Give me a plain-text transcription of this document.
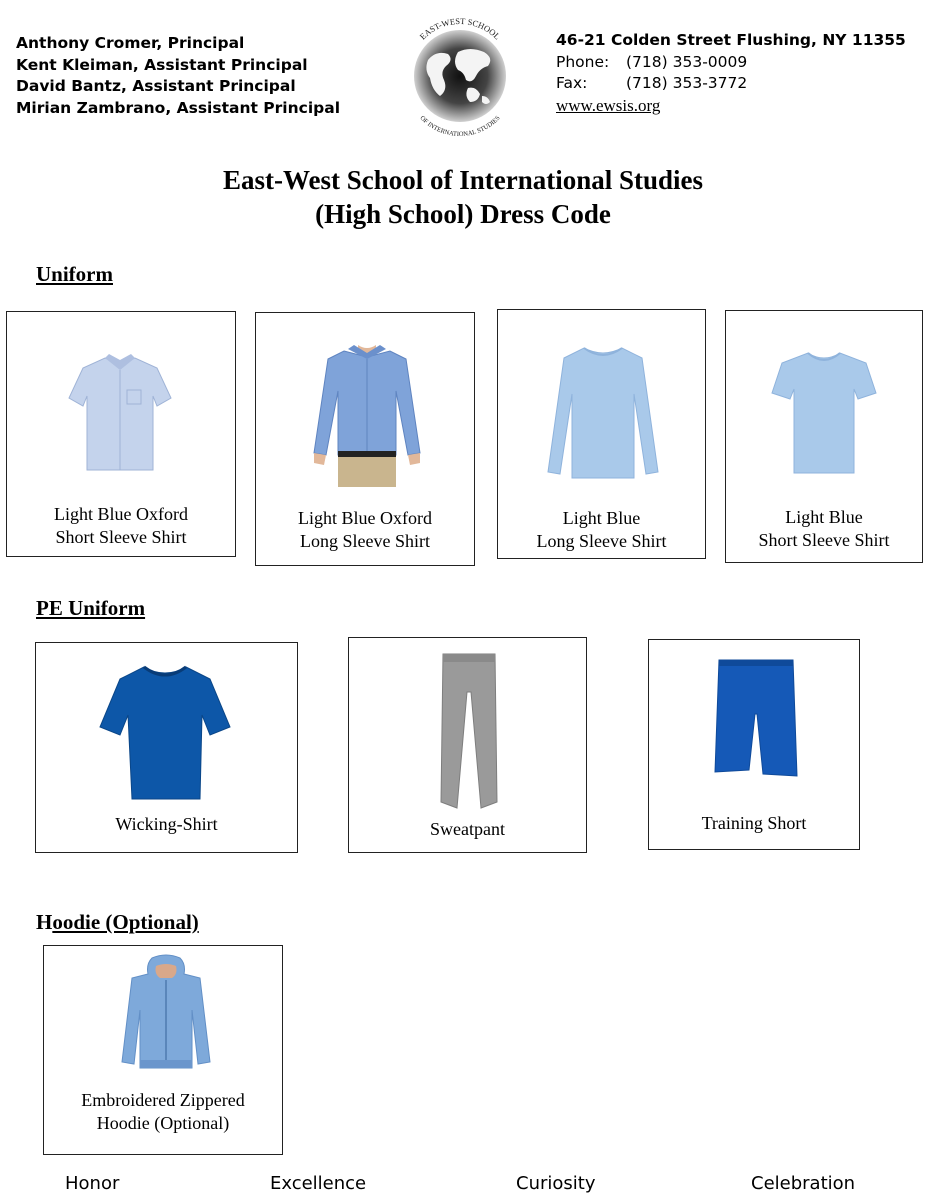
Anthony Cromer, Principal
Kent Kleiman, Assistant Principal
David Bantz, Assistant Principal
Mirian Zambrano, Assistant Principal
EAST-WEST SCHOOL
OF INTERNATIONAL STUDIES
46-21 Colden Street Flushing, NY 11355
Phone: (718) 353-0009
Fax: (718) 353-3772
www.ewsis.org
East-West School of International Studies
(High School) Dress Code
Uniform
Light Blue Oxford
Short Sleeve Shirt
Light Blue Oxford
Long Sleeve Shirt
Light Blue
Long Sleeve Shirt
Light Blue
Short Sleeve Shirt
PE Uniform
Wicking-Shirt	Sweatpant	Training Short
Hoodie (Optional)
Embroidered Zippered
Hoodie (Optional)
Honor	Excellence	Curiosity	Celebration
